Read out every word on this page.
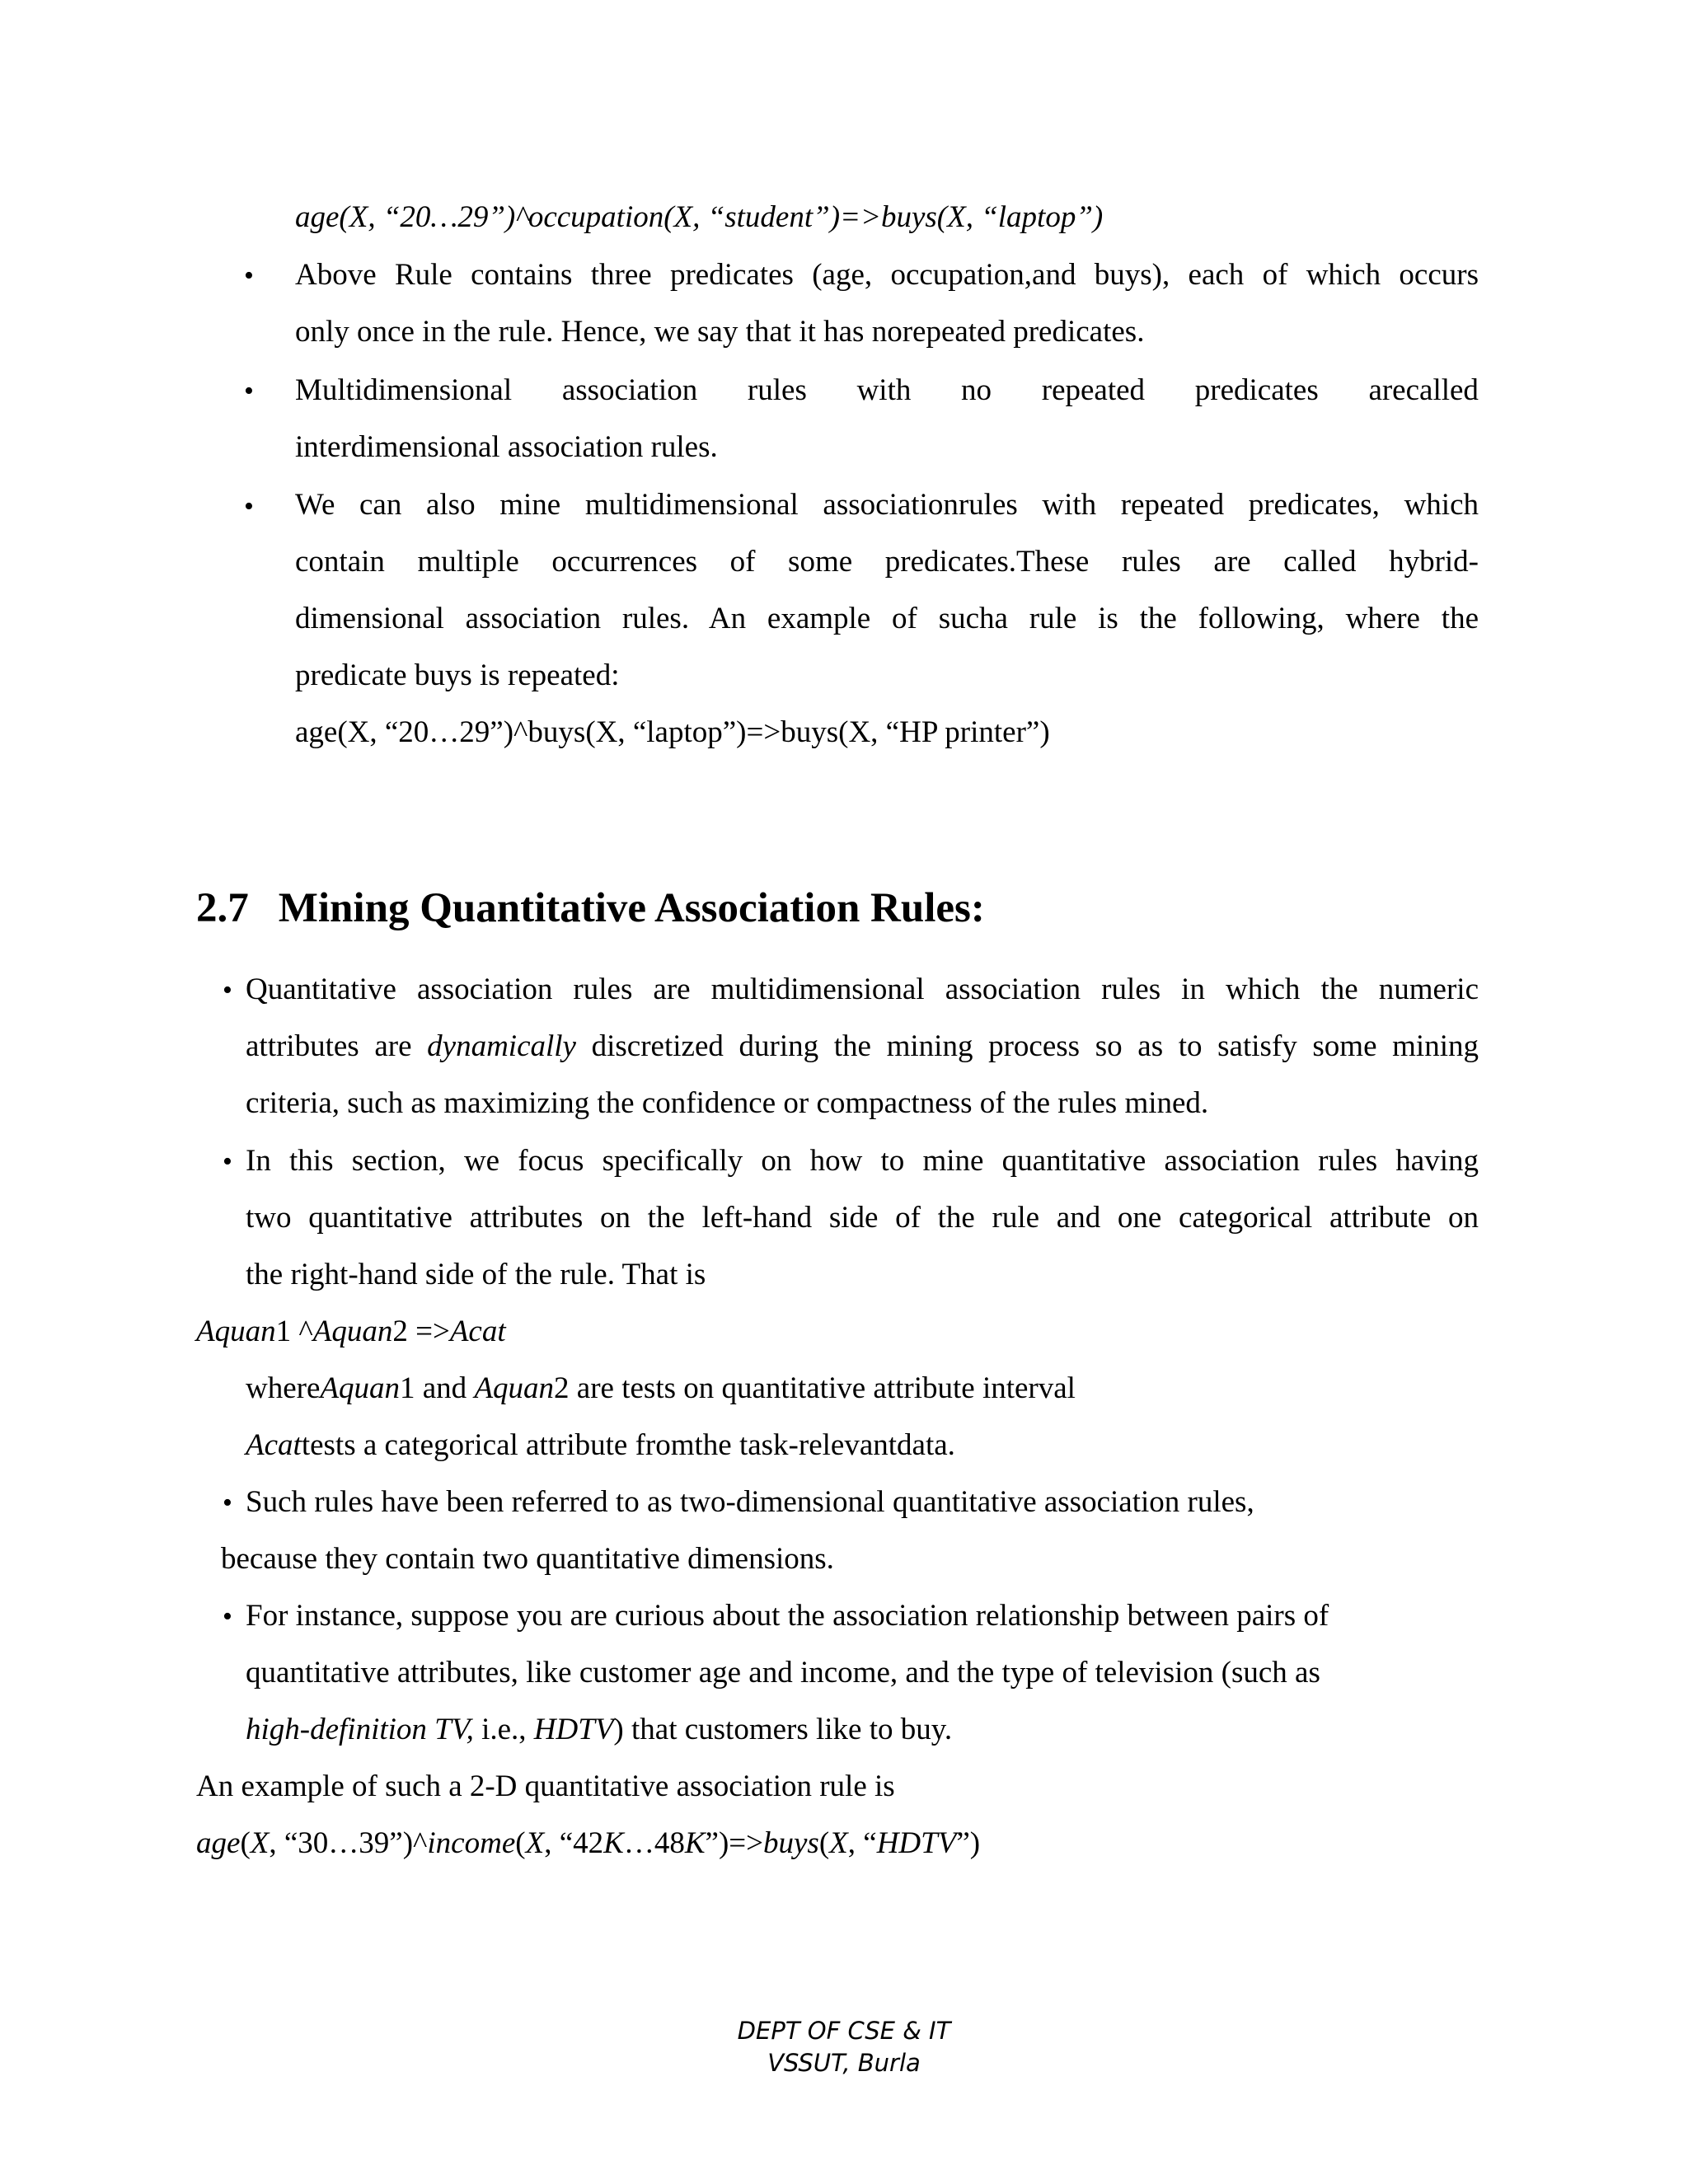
age(X, “20…29”)^occupation(X, “student”)=>buys(X, “laptop”)
• Above Rule contains three predicates (age, occupation,and buys), each of which occurs
only once in the rule. Hence, we say that it has norepeated predicates.
• Multidimensional association rules with no repeated predicates arecalled
interdimensional association rules.
• We can also mine multidimensional associationrules with repeated predicates, which
contain multiple occurrences of some predicates.These rules are called hybrid-
dimensional association rules. An example of sucha rule is the following, where the
predicate buys is repeated:
age(X, “20…29”)^buys(X, “laptop”)=>buys(X, “HP printer”)
2.7 Mining Quantitative Association Rules:
• Quantitative association rules are multidimensional association rules in which the numeric
attributes are dynamically discretized during the mining process so as to satisfy some mining
criteria, such as maximizing the confidence or compactness of the rules mined.
• In this section, we focus specifically on how to mine quantitative association rules having
two quantitative attributes on the left-hand side of the rule and one categorical attribute on
the right-hand side of the rule. That is
Aquan1 ^Aquan2 =>Acat
whereAquan1 and Aquan2 are tests on quantitative attribute interval
Acattests a categorical attribute fromthe task-relevantdata.
• Such rules have been referred to as two-dimensional quantitative association rules,
because they contain two quantitative dimensions.
• For instance, suppose you are curious about the association relationship between pairs of
quantitative attributes, like customer age and income, and the type of television (such as
high-definition TV, i.e., HDTV) that customers like to buy.
An example of such a 2-D quantitative association rule is
age(X, “30…39”)^income(X, “42K…48K”)=>buys(X, “HDTV”)
DEPT OF CSE & IT
VSSUT, Burla
